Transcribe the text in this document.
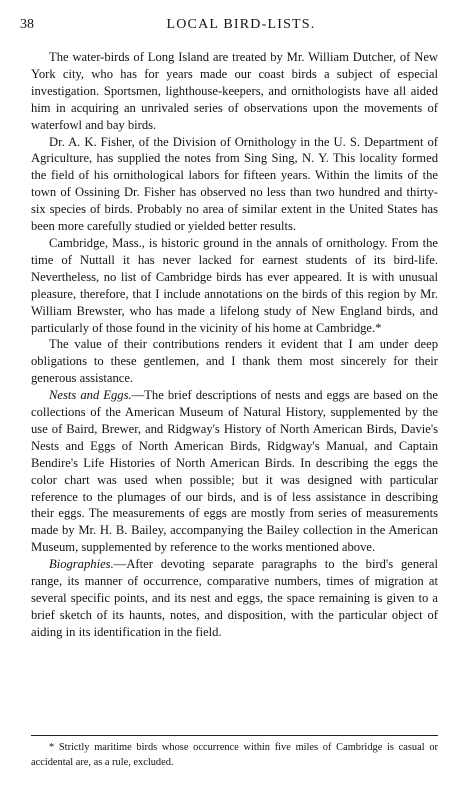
38	LOCAL BIRD-LISTS.

The water-birds of Long Island are treated by Mr. William Dutcher, of New York city, who has for years made our coast birds a subject of especial investigation. Sportsmen, lighthouse-keepers, and ornithologists have all aided him in acquiring an unrivaled series of observations upon the movements of waterfowl and bay birds.

Dr. A. K. Fisher, of the Division of Ornithology in the U. S. Department of Agriculture, has supplied the notes from Sing Sing, N. Y. This locality formed the field of his ornithological labors for fifteen years. Within the limits of the town of Ossining Dr. Fisher has observed no less than two hundred and thirty-six species of birds. Probably no area of similar extent in the United States has been more carefully studied or yielded better results.

Cambridge, Mass., is historic ground in the annals of ornithology. From the time of Nuttall it has never lacked for earnest students of its bird-life. Nevertheless, no list of Cambridge birds has ever appeared. It is with unusual pleasure, therefore, that I include annotations on the birds of this region by Mr. William Brewster, who has made a lifelong study of New England birds, and particularly of those found in the vicinity of his home at Cambridge.*

The value of their contributions renders it evident that I am under deep obligations to these gentlemen, and I thank them most sincerely for their generous assistance.

Nests and Eggs.—The brief descriptions of nests and eggs are based on the collections of the American Museum of Natural History, supplemented by the use of Baird, Brewer, and Ridgway's History of North American Birds, Davie's Nests and Eggs of North American Birds, Ridgway's Manual, and Captain Bendire's Life Histories of North American Birds. In describing the eggs the color chart was used when possible; but it was designed with particular reference to the plumages of our birds, and is of less assistance in describing their eggs. The measurements of eggs are mostly from series of measurements made by Mr. H. B. Bailey, accompanying the Bailey collection in the American Museum, supplemented by reference to the works mentioned above.

Biographies.—After devoting separate paragraphs to the bird's general range, its manner of occurrence, comparative numbers, times of migration at several specific points, and its nest and eggs, the space remaining is given to a brief sketch of its haunts, notes, and disposition, with the particular object of aiding in its identification in the field.

* Strictly maritime birds whose occurrence within five miles of Cambridge is casual or accidental are, as a rule, excluded.
